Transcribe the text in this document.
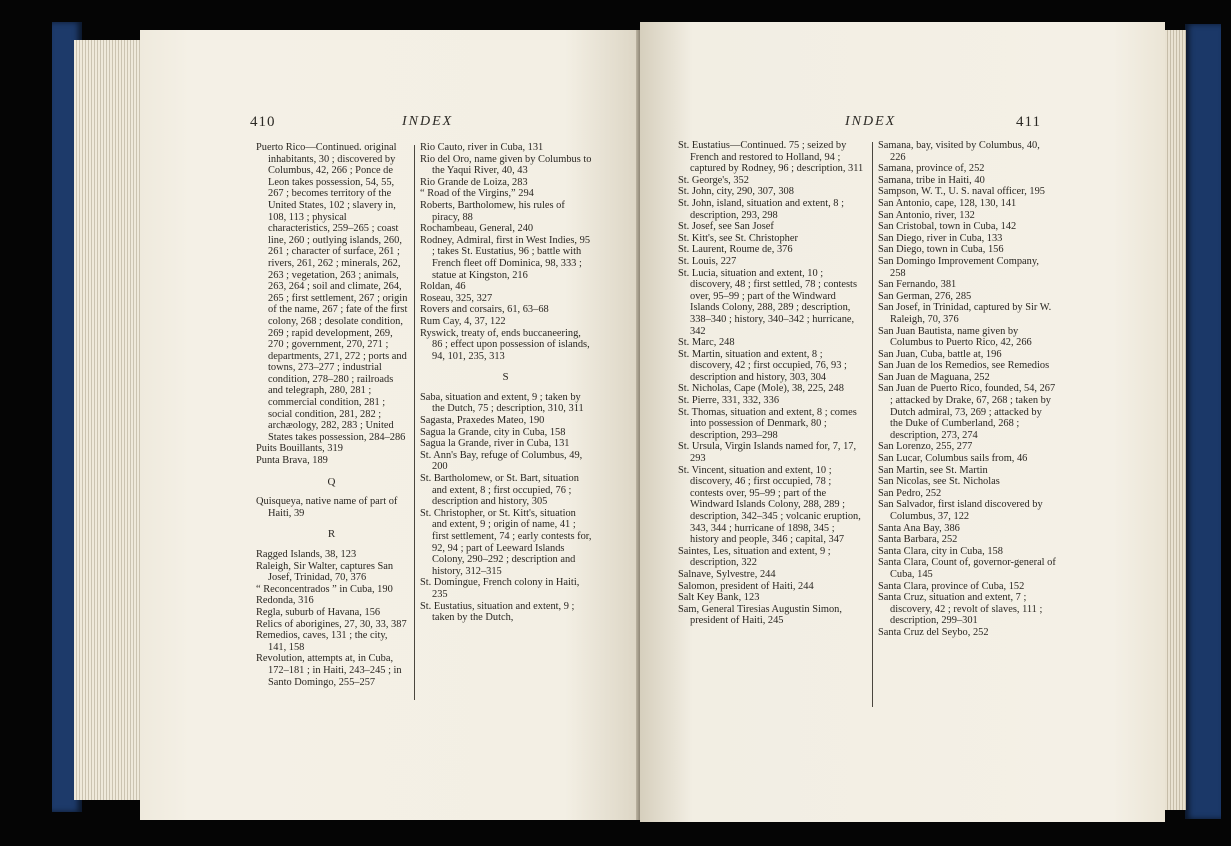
410	INDEX

Puerto Rico—Continued. original inhabitants, 30 ; discovered by Columbus, 42, 266 ; Ponce de Leon takes possession, 54, 55, 267 ; becomes territory of the United States, 102 ; slavery in, 108, 113 ; physical characteristics, 259–265 ; coast line, 260 ; outlying islands, 260, 261 ; character of surface, 261 ; rivers, 261, 262 ; minerals, 262, 263 ; vegetation, 263 ; animals, 263, 264 ; soil and climate, 264, 265 ; first settlement, 267 ; origin of the name, 267 ; fate of the first colony, 268 ; desolate condition, 269 ; rapid development, 269, 270 ; government, 270, 271 ; departments, 271, 272 ; ports and towns, 273–277 ; industrial condition, 278–280 ; railroads and telegraph, 280, 281 ; commercial condition, 281 ; social condition, 281, 282 ; archæology, 282, 283 ; United States takes possession, 284–286

Puits Bouillants, 319

Punta Brava, 189

Q

Quisqueya, native name of part of Haiti, 39

R

Ragged Islands, 38, 123

Raleigh, Sir Walter, captures San Josef, Trinidad, 70, 376

“ Reconcentrados ” in Cuba, 190

Redonda, 316

Regla, suburb of Havana, 156

Relics of aborigines, 27, 30, 33, 387

Remedios, caves, 131 ; the city, 141, 158

Revolution, attempts at, in Cuba, 172–181 ; in Haiti, 243–245 ; in Santo Domingo, 255–257

Rio Cauto, river in Cuba, 131

Rio del Oro, name given by Columbus to the Yaqui River, 40, 43

Rio Grande de Loiza, 283

“ Road of the Virgins,” 294

Roberts, Bartholomew, his rules of piracy, 88

Rochambeau, General, 240

Rodney, Admiral, first in West Indies, 95 ; takes St. Eustatius, 96 ; battle with French fleet off Dominica, 98, 333 ; statue at Kingston, 216

Roldan, 46

Roseau, 325, 327

Rovers and corsairs, 61, 63–68

Rum Cay, 4, 37, 122

Ryswick, treaty of, ends buccaneering, 86 ; effect upon possession of islands, 94, 101, 235, 313

S

Saba, situation and extent, 9 ; taken by the Dutch, 75 ; description, 310, 311

Sagasta, Praxedes Mateo, 190

Sagua la Grande, city in Cuba, 158

Sagua la Grande, river in Cuba, 131

St. Ann's Bay, refuge of Columbus, 49, 200

St. Bartholomew, or St. Bart, situation and extent, 8 ; first occupied, 76 ; description and history, 305

St. Christopher, or St. Kitt's, situation and extent, 9 ; origin of name, 41 ; first settlement, 74 ; early contests for, 92, 94 ; part of Leeward Islands Colony, 290–292 ; description and history, 312–315

St. Domingue, French colony in Haiti, 235

St. Eustatius, situation and extent, 9 ; taken by the Dutch,

INDEX	411

St. Eustatius—Continued. 75 ; seized by French and restored to Holland, 94 ; captured by Rodney, 96 ; description, 311

St. George's, 352

St. John, city, 290, 307, 308

St. John, island, situation and extent, 8 ; description, 293, 298

St. Josef, see San Josef

St. Kitt's, see St. Christopher

St. Laurent, Roume de, 376

St. Louis, 227

St. Lucia, situation and extent, 10 ; discovery, 48 ; first settled, 78 ; contests over, 95–99 ; part of the Windward Islands Colony, 288, 289 ; description, 338–340 ; history, 340–342 ; hurricane, 342

St. Marc, 248

St. Martin, situation and extent, 8 ; discovery, 42 ; first occupied, 76, 93 ; description and history, 303, 304

St. Nicholas, Cape (Mole), 38, 225, 248

St. Pierre, 331, 332, 336

St. Thomas, situation and extent, 8 ; comes into possession of Denmark, 80 ; description, 293–298

St. Ursula, Virgin Islands named for, 7, 17, 293

St. Vincent, situation and extent, 10 ; discovery, 46 ; first occupied, 78 ; contests over, 95–99 ; part of the Windward Islands Colony, 288, 289 ; description, 342–345 ; volcanic eruption, 343, 344 ; hurricane of 1898, 345 ; history and people, 346 ; capital, 347

Saintes, Les, situation and extent, 9 ; description, 322

Salnave, Sylvestre, 244

Salomon, president of Haiti, 244

Salt Key Bank, 123

Sam, General Tiresias Augustin Simon, president of Haiti, 245

Samana, bay, visited by Columbus, 40, 226

Samana, province of, 252

Samana, tribe in Haiti, 40

Sampson, W. T., U. S. naval officer, 195

San Antonio, cape, 128, 130, 141

San Antonio, river, 132

San Cristobal, town in Cuba, 142

San Diego, river in Cuba, 133

San Diego, town in Cuba, 156

San Domingo Improvement Company, 258

San Fernando, 381

San German, 276, 285

San Josef, in Trinidad, captured by Sir W. Raleigh, 70, 376

San Juan Bautista, name given by Columbus to Puerto Rico, 42, 266

San Juan, Cuba, battle at, 196

San Juan de los Remedios, see Remedios

San Juan de Maguana, 252

San Juan de Puerto Rico, founded, 54, 267 ; attacked by Drake, 67, 268 ; taken by Dutch admiral, 73, 269 ; attacked by the Duke of Cumberland, 268 ; description, 273, 274

San Lorenzo, 255, 277

San Lucar, Columbus sails from, 46

San Martin, see St. Martin

San Nicolas, see St. Nicholas

San Pedro, 252

San Salvador, first island discovered by Columbus, 37, 122

Santa Ana Bay, 386

Santa Barbara, 252

Santa Clara, city in Cuba, 158

Santa Clara, Count of, governor-general of Cuba, 145

Santa Clara, province of Cuba, 152

Santa Cruz, situation and extent, 7 ; discovery, 42 ; revolt of slaves, 111 ; description, 299–301

Santa Cruz del Seybo, 252
